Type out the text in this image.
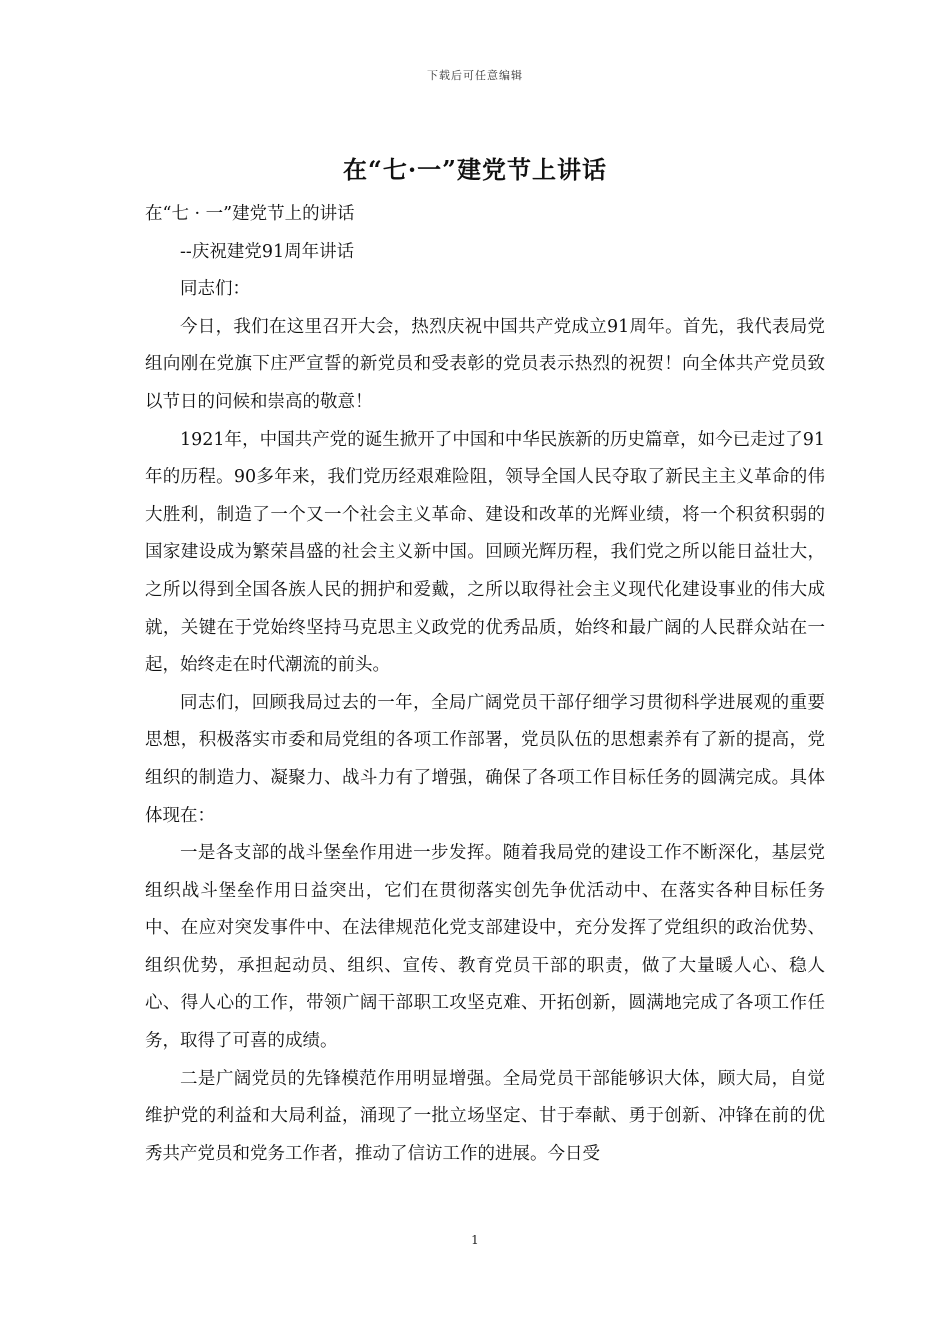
下载后可任意编辑
在“七·一”建党节上讲话

在“七 · 一”建党节上的讲话

--庆祝建党91周年讲话

同志们：

今日，我们在这里召开大会，热烈庆祝中国共产党成立91周年。首先，我代表局党组向刚在党旗下庄严宣誓的新党员和受表彰的党员表示热烈的祝贺！向全体共产党员致以节日的问候和崇高的敬意！

1921年，中国共产党的诞生掀开了中国和中华民族新的历史篇章，如今已走过了91年的历程。90多年来，我们党历经艰难险阻，领导全国人民夺取了新民主主义革命的伟大胜利，制造了一个又一个社会主义革命、建设和改革的光辉业绩，将一个积贫积弱的国家建设成为繁荣昌盛的社会主义新中国。回顾光辉历程，我们党之所以能日益壮大，之所以得到全国各族人民的拥护和爱戴，之所以取得社会主义现代化建设事业的伟大成就，关键在于党始终坚持马克思主义政党的优秀品质，始终和最广阔的人民群众站在一起，始终走在时代潮流的前头。

同志们，回顾我局过去的一年，全局广阔党员干部仔细学习贯彻科学进展观的重要思想，积极落实市委和局党组的各项工作部署，党员队伍的思想素养有了新的提高，党组织的制造力、凝聚力、战斗力有了增强，确保了各项工作目标任务的圆满完成。具体体现在：

一是各支部的战斗堡垒作用进一步发挥。随着我局党的建设工作不断深化，基层党组织战斗堡垒作用日益突出，它们在贯彻落实创先争优活动中、在落实各种目标任务中、在应对突发事件中、在法律规范化党支部建设中，充分发挥了党组织的政治优势、组织优势，承担起动员、组织、宣传、教育党员干部的职责，做了大量暖人心、稳人心、得人心的工作，带领广阔干部职工攻坚克难、开拓创新，圆满地完成了各项工作任务，取得了可喜的成绩。

二是广阔党员的先锋模范作用明显增强。全局党员干部能够识大体，顾大局，自觉维护党的利益和大局利益，涌现了一批立场坚定、甘于奉献、勇于创新、冲锋在前的优秀共产党员和党务工作者，推动了信访工作的进展。今日受

1
